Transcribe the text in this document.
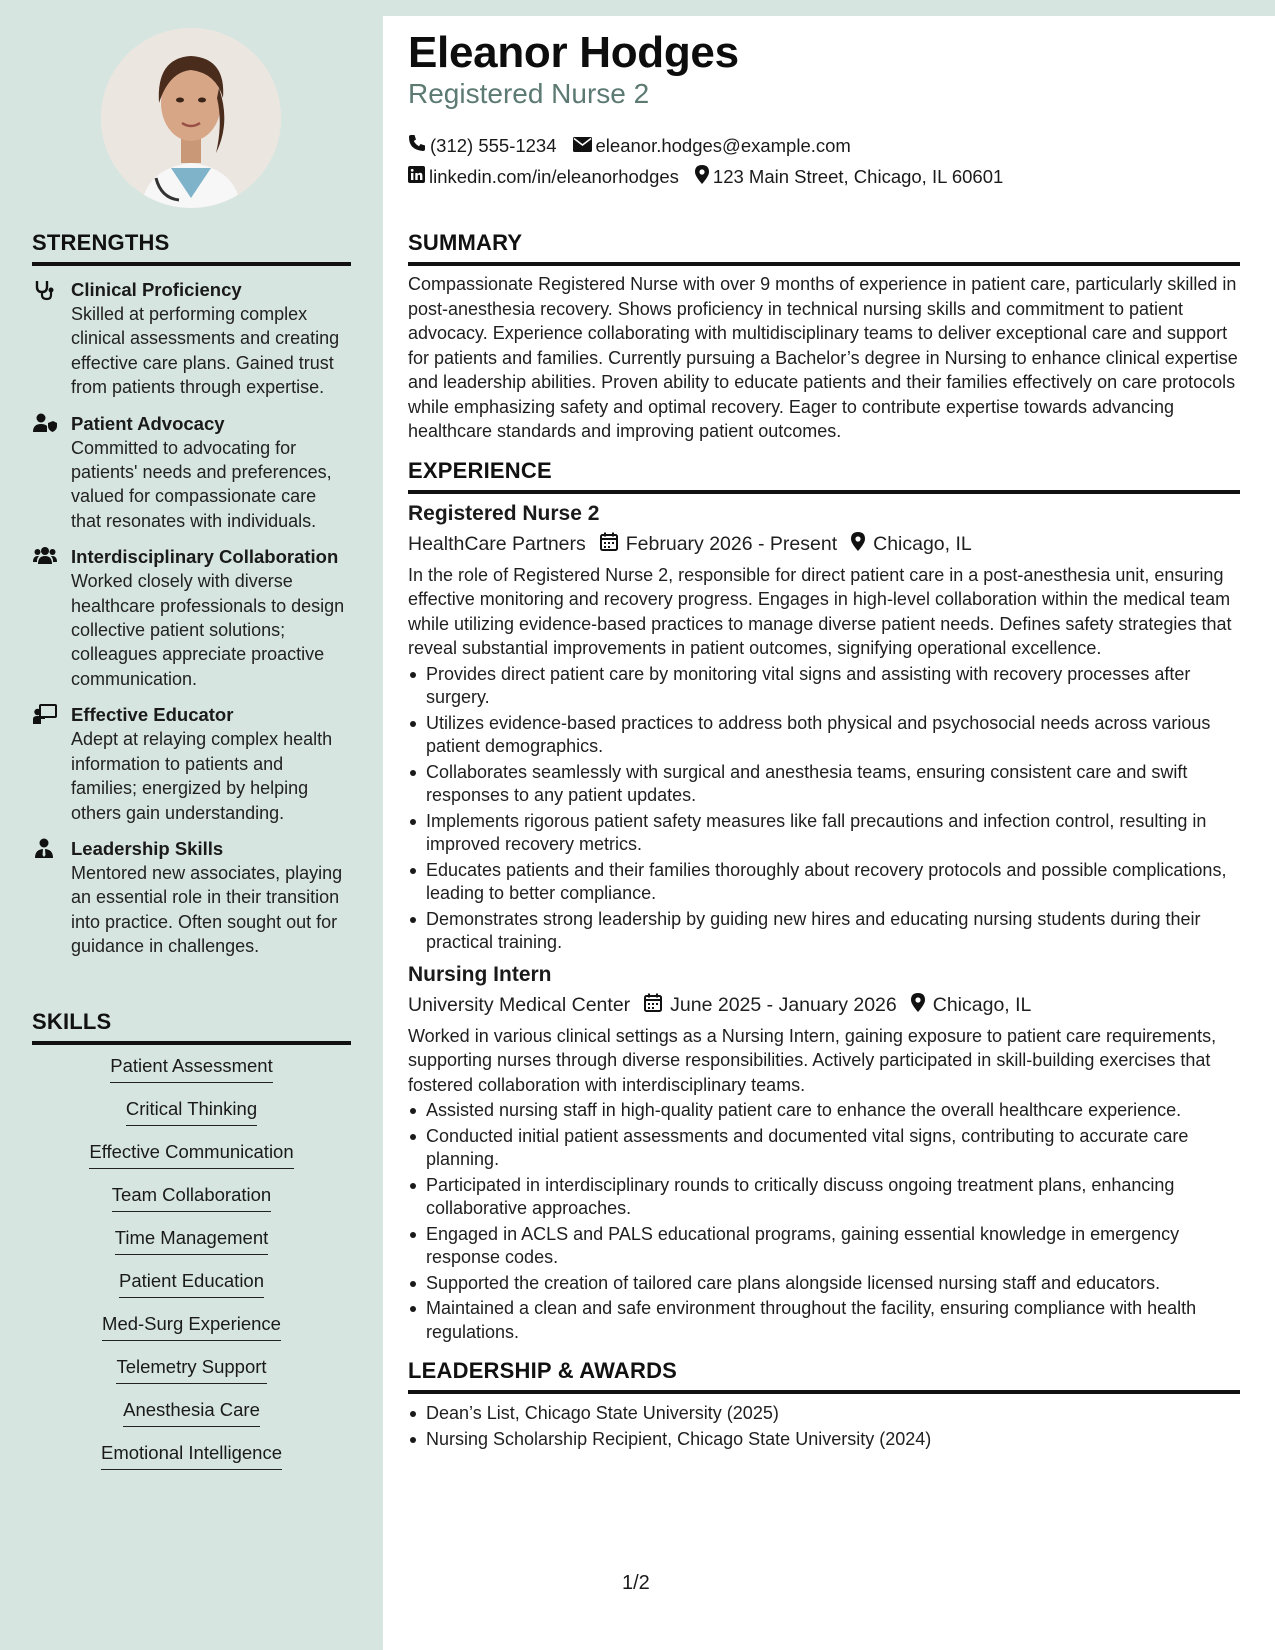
STRENGTHS
Clinical Proficiency
Skilled at performing complex clinical assessments and creating effective care plans. Gained trust from patients through expertise.
Patient Advocacy
Committed to advocating for patients' needs and preferences, valued for compassionate care that resonates with individuals.
Interdisciplinary Collaboration
Worked closely with diverse healthcare professionals to design collective patient solutions; colleagues appreciate proactive communication.
Effective Educator
Adept at relaying complex health information to patients and families; energized by helping others gain understanding.
Leadership Skills
Mentored new associates, playing an essential role in their transition into practice. Often sought out for guidance in challenges.
SKILLS
Patient Assessment
Critical Thinking
Effective Communication
Team Collaboration
Time Management
Patient Education
Med-Surg Experience
Telemetry Support
Anesthesia Care
Emotional Intelligence
Eleanor Hodges
Registered Nurse 2
(312) 555-1234 eleanor.hodges@example.com
linkedin.com/in/eleanorhodges 123 Main Street, Chicago, IL 60601
SUMMARY
Compassionate Registered Nurse with over 9 months of experience in patient care, particularly skilled in post-anesthesia recovery. Shows proficiency in technical nursing skills and commitment to patient advocacy. Experience collaborating with multidisciplinary teams to deliver exceptional care and support for patients and families. Currently pursuing a Bachelor’s degree in Nursing to enhance clinical expertise and leadership abilities. Proven ability to educate patients and their families effectively on care protocols while emphasizing safety and optimal recovery. Eager to contribute expertise towards advancing healthcare standards and improving patient outcomes.
EXPERIENCE
Registered Nurse 2
HealthCare Partners February 2026 - Present Chicago, IL
In the role of Registered Nurse 2, responsible for direct patient care in a post-anesthesia unit, ensuring effective monitoring and recovery progress. Engages in high-level collaboration within the medical team while utilizing evidence-based practices to manage diverse patient needs. Defines safety strategies that reveal substantial improvements in patient outcomes, signifying operational excellence.
Provides direct patient care by monitoring vital signs and assisting with recovery processes after surgery.
Utilizes evidence-based practices to address both physical and psychosocial needs across various patient demographics.
Collaborates seamlessly with surgical and anesthesia teams, ensuring consistent care and swift responses to any patient updates.
Implements rigorous patient safety measures like fall precautions and infection control, resulting in improved recovery metrics.
Educates patients and their families thoroughly about recovery protocols and possible complications, leading to better compliance.
Demonstrates strong leadership by guiding new hires and educating nursing students during their practical training.
Nursing Intern
University Medical Center June 2025 - January 2026 Chicago, IL
Worked in various clinical settings as a Nursing Intern, gaining exposure to patient care requirements, supporting nurses through diverse responsibilities. Actively participated in skill-building exercises that fostered collaboration with interdisciplinary teams.
Assisted nursing staff in high-quality patient care to enhance the overall healthcare experience.
Conducted initial patient assessments and documented vital signs, contributing to accurate care planning.
Participated in interdisciplinary rounds to critically discuss ongoing treatment plans, enhancing collaborative approaches.
Engaged in ACLS and PALS educational programs, gaining essential knowledge in emergency response codes.
Supported the creation of tailored care plans alongside licensed nursing staff and educators.
Maintained a clean and safe environment throughout the facility, ensuring compliance with health regulations.
LEADERSHIP & AWARDS
Dean’s List, Chicago State University (2025)
Nursing Scholarship Recipient, Chicago State University (2024)
1/2
